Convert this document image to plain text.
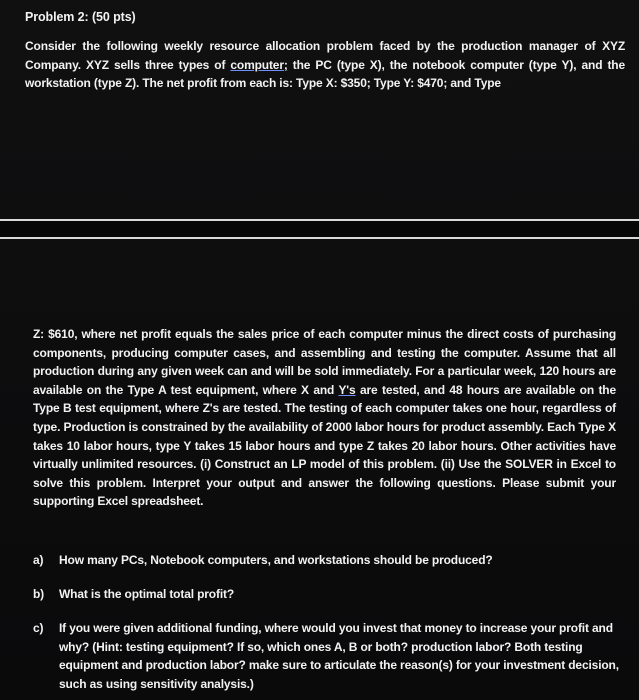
Problem 2: (50 pts)

Consider the following weekly resource allocation problem faced by the production manager of XYZ Company. XYZ sells three types of computer; the PC (type X), the notebook computer (type Y), and the workstation (type Z). The net profit from each is: Type X: $350; Type Y: $470; and Type

Z: $610, where net profit equals the sales price of each computer minus the direct costs of purchasing components, producing computer cases, and assembling and testing the computer. Assume that all production during any given week can and will be sold immediately. For a particular week, 120 hours are available on the Type A test equipment, where X and Y's are tested, and 48 hours are available on the Type B test equipment, where Z's are tested. The testing of each computer takes one hour, regardless of type. Production is constrained by the availability of 2000 labor hours for product assembly. Each Type X takes 10 labor hours, type Y takes 15 labor hours and type Z takes 20 labor hours. Other activities have virtually unlimited resources. (i) Construct an LP model of this problem. (ii) Use the SOLVER in Excel to solve this problem. Interpret your output and answer the following questions. Please submit your supporting Excel spreadsheet.

a)	How many PCs, Notebook computers, and workstations should be produced?
b)	What is the optimal total profit?
c)	If you were given additional funding, where would you invest that money to increase your profit and why? (Hint: testing equipment? If so, which ones A, B or both? production labor? Both testing equipment and production labor? make sure to articulate the reason(s) for your investment decision, such as using sensitivity analysis.)
